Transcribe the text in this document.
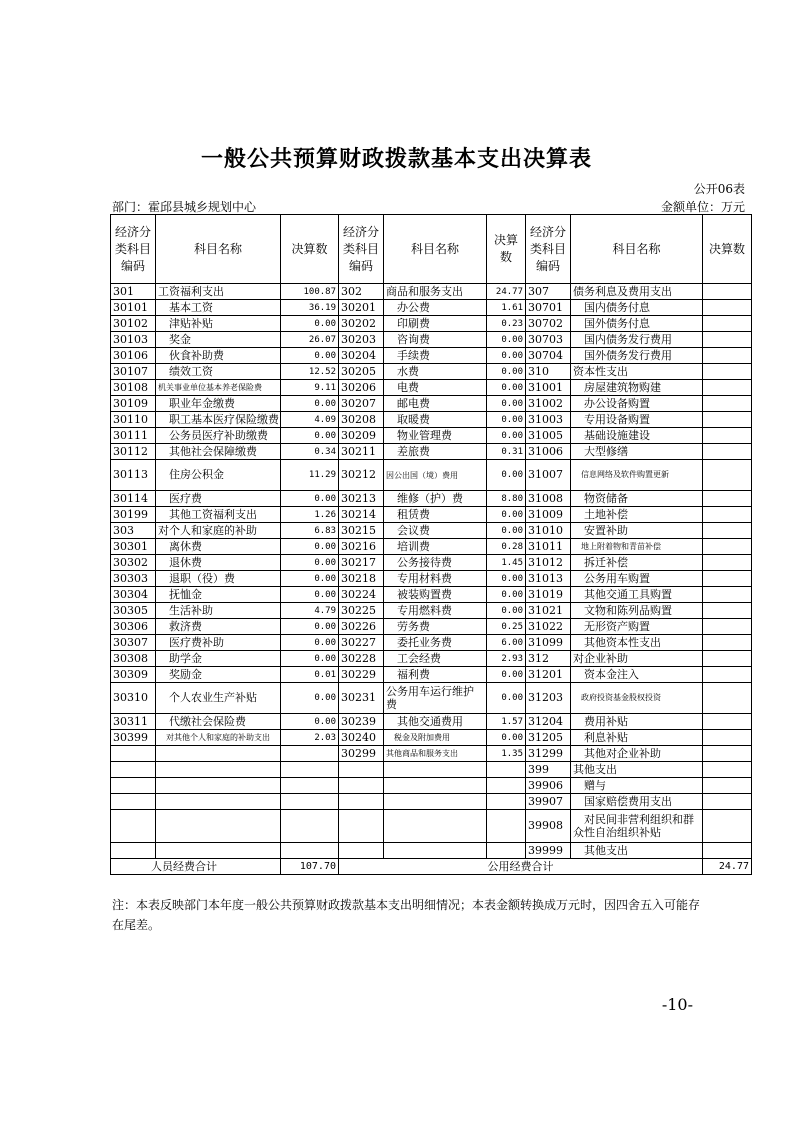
一般公共预算财政拨款基本支出决算表
公开06表
部门：霍邱县城乡规划中心	金额单位：万元
经济分类科目编码	科目名称	决算数	经济分类科目编码	科目名称	决算数	经济分类科目编码	科目名称	决算数
301	工资福利支出	100.87	302	商品和服务支出	24.77	307	债务利息及费用支出	
30101	　基本工资	36.19	30201	　办公费	1.61	30701	　国内债务付息	
30102	　津贴补贴	0.00	30202	　印刷费	0.23	30702	　国外债务付息	
30103	　奖金	26.07	30203	　咨询费	0.00	30703	　国内债务发行费用	
30106	　伙食补助费	0.00	30204	　手续费	0.00	30704	　国外债务发行费用	
30107	　绩效工资	12.52	30205	　水费	0.00	310	资本性支出	
30108	机关事业单位基本养老保险费	9.11	30206	　电费	0.00	31001	　房屋建筑物购建	
30109	　职业年金缴费	0.00	30207	　邮电费	0.00	31002	　办公设备购置	
30110	　职工基本医疗保险缴费	4.09	30208	　取暖费	0.00	31003	　专用设备购置	
30111	　公务员医疗补助缴费	0.00	30209	　物业管理费	0.00	31005	　基础设施建设	
30112	　其他社会保障缴费	0.34	30211	　差旅费	0.31	31006	　大型修缮	
30113	　住房公积金	11.29	30212	因公出国（境）费用	0.00	31007	　信息网络及软件购置更新	
30114	　医疗费	0.00	30213	　维修（护）费	8.80	31008	　物资储备	
30199	　其他工资福利支出	1.26	30214	　租赁费	0.00	31009	　土地补偿	
303	对个人和家庭的补助	6.83	30215	　会议费	0.00	31010	　安置补助	
30301	　离休费	0.00	30216	　培训费	0.28	31011	　地上附着物和青苗补偿	
30302	　退休费	0.00	30217	　公务接待费	1.45	31012	　拆迁补偿	
30303	　退职（役）费	0.00	30218	　专用材料费	0.00	31013	　公务用车购置	
30304	　抚恤金	0.00	30224	　被装购置费	0.00	31019	　其他交通工具购置	
30305	　生活补助	4.79	30225	　专用燃料费	0.00	31021	　文物和陈列品购置	
30306	　救济费	0.00	30226	　劳务费	0.25	31022	　无形资产购置	
30307	　医疗费补助	0.00	30227	　委托业务费	6.00	31099	　其他资本性支出	
30308	　助学金	0.00	30228	　工会经费	2.93	312	对企业补助	
30309	　奖励金	0.01	30229	　福利费	0.00	31201	　资本金注入	
30310	　个人农业生产补贴	0.00	30231	公务用车运行维护费	0.00	31203	　政府投资基金股权投资	
30311	　代缴社会保险费	0.00	30239	　其他交通费用	1.57	31204	　费用补贴	
30399	　对其他个人和家庭的补助支出	2.03	30240	　税金及附加费用	0.00	31205	　利息补贴	
			30299	其他商品和服务支出	1.35	31299	　其他对企业补助	
						399	其他支出	
						39906	　赠与	
						39907	　国家赔偿费用支出	
						39908	　对民间非营利组织和群众性自治组织补贴	
						39999	　其他支出	
人员经费合计		107.70	公用经费合计					24.77
注：本表反映部门本年度一般公共预算财政拨款基本支出明细情况；本表金额转换成万元时，因四舍五入可能存在尾差。
-10-
